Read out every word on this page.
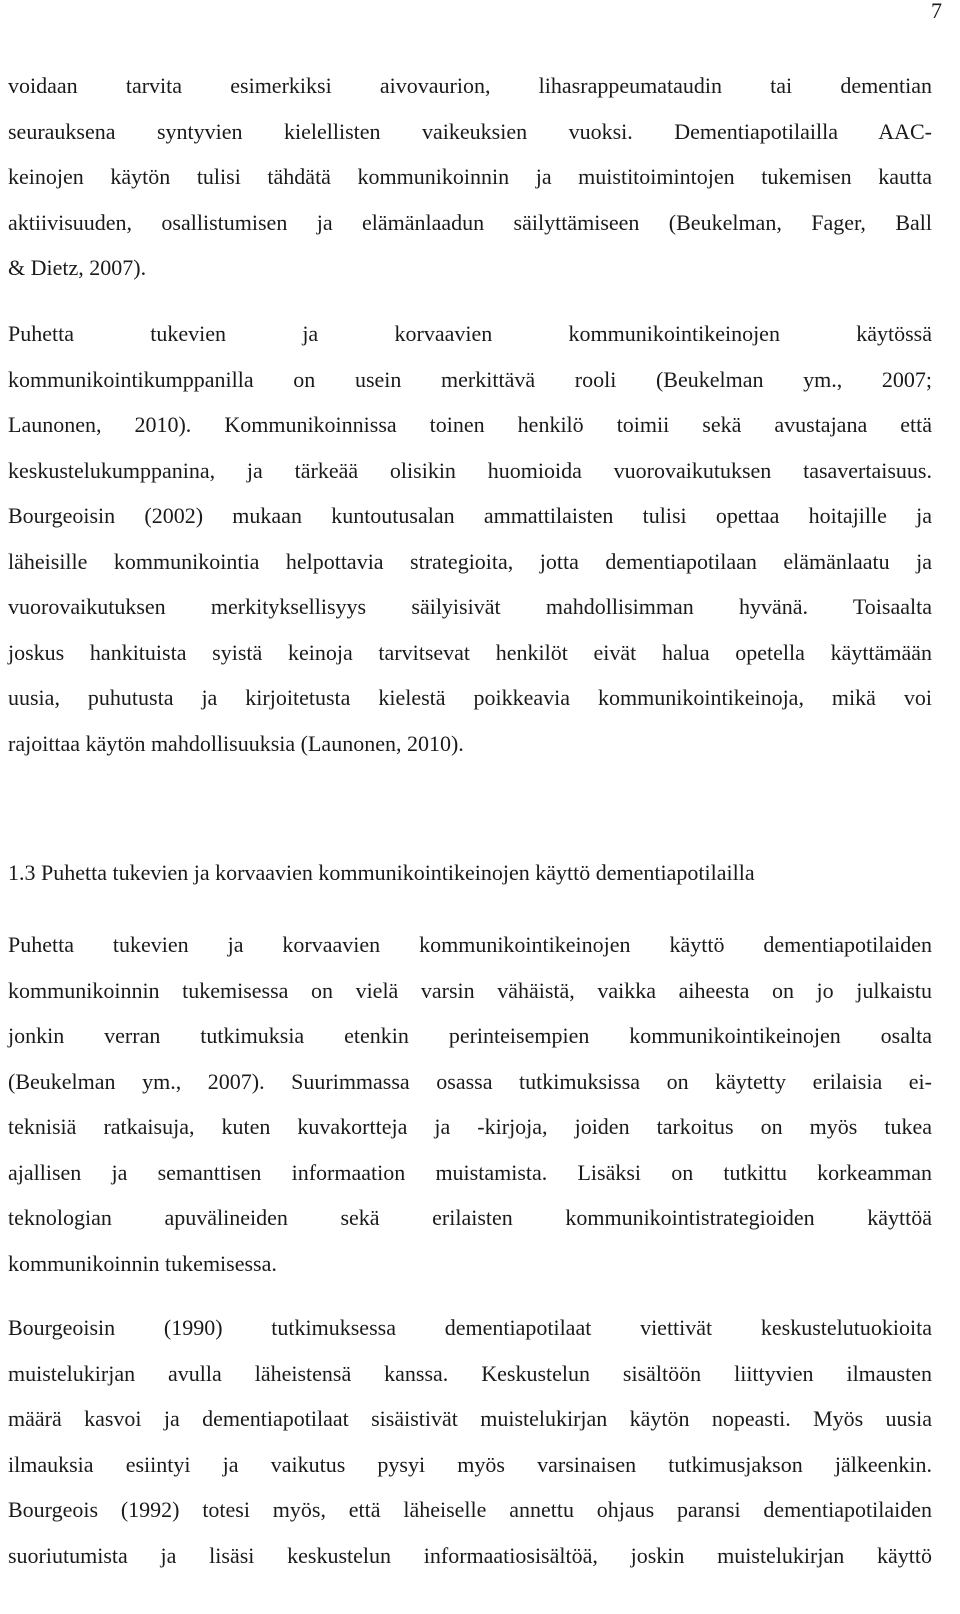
7

voidaan tarvita esimerkiksi aivovaurion, lihasrappeumataudin tai dementian
seurauksena syntyvien kielellisten vaikeuksien vuoksi. Dementiapotilailla AAC-
keinojen käytön tulisi tähdätä kommunikoinnin ja muistitoimintojen tukemisen kautta
aktiivisuuden, osallistumisen ja elämänlaadun säilyttämiseen (Beukelman, Fager, Ball
& Dietz, 2007).

Puhetta tukevien ja korvaavien kommunikointikeinojen käytössä
kommunikointikumppanilla on usein merkittävä rooli (Beukelman ym., 2007;
Launonen, 2010). Kommunikoinnissa toinen henkilö toimii sekä avustajana että
keskustelukumppanina, ja tärkeää olisikin huomioida vuorovaikutuksen tasavertaisuus.
Bourgeoisin (2002) mukaan kuntoutusalan ammattilaisten tulisi opettaa hoitajille ja
läheisille kommunikointia helpottavia strategioita, jotta dementiapotilaan elämänlaatu ja
vuorovaikutuksen merkityksellisyys säilyisivät mahdollisimman hyvänä. Toisaalta
joskus hankituista syistä keinoja tarvitsevat henkilöt eivät halua opetella käyttämään
uusia, puhutusta ja kirjoitetusta kielestä poikkeavia kommunikointikeinoja, mikä voi
rajoittaa käytön mahdollisuuksia (Launonen, 2010).

1.3 Puhetta tukevien ja korvaavien kommunikointikeinojen käyttö dementiapotilailla

Puhetta tukevien ja korvaavien kommunikointikeinojen käyttö dementiapotilaiden
kommunikoinnin tukemisessa on vielä varsin vähäistä, vaikka aiheesta on jo julkaistu
jonkin verran tutkimuksia etenkin perinteisempien kommunikointikeinojen osalta
(Beukelman ym., 2007). Suurimmassa osassa tutkimuksissa on käytetty erilaisia ei-
teknisiä ratkaisuja, kuten kuvakortteja ja -kirjoja, joiden tarkoitus on myös tukea
ajallisen ja semanttisen informaation muistamista. Lisäksi on tutkittu korkeamman
teknologian apuvälineiden sekä erilaisten kommunikointistrategioiden käyttöä
kommunikoinnin tukemisessa.

Bourgeoisin (1990) tutkimuksessa dementiapotilaat viettivät keskustelutuokioita
muistelukirjan avulla läheistensä kanssa. Keskustelun sisältöön liittyvien ilmausten
määrä kasvoi ja dementiapotilaat sisäistivät muistelukirjan käytön nopeasti. Myös uusia
ilmauksia esiintyi ja vaikutus pysyi myös varsinaisen tutkimusjakson jälkeenkin.
Bourgeois (1992) totesi myös, että läheiselle annettu ohjaus paransi dementiapotilaiden
suoriutumista ja lisäsi keskustelun informaatiosisältöä, joskin muistelukirjan käyttö
